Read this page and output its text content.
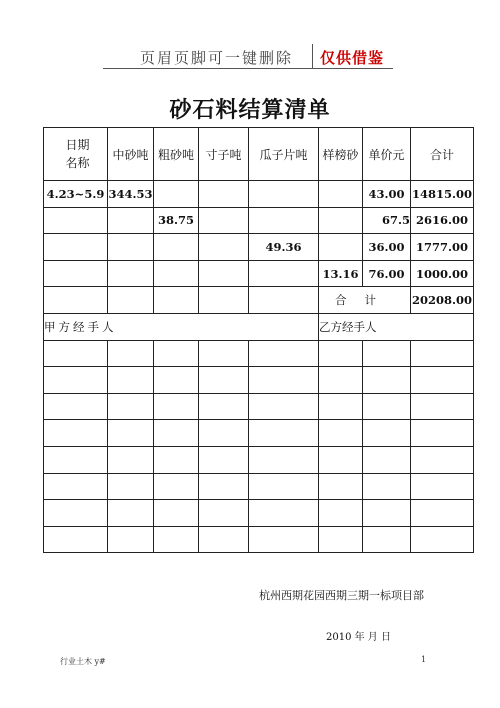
页眉页脚可一键删除 仅供借鉴
砂石料结算清单
日期
名称	中砂吨	粗砂吨	寸子吨	瓜子片吨	样榜砂	单价元	合计
4.23~5.9	344.53					43.00	14815.00
		38.75				67.5	2616.00
				49.36		36.00	1777.00
					13.16	76.00	1000.00
					合计		20208.00
甲方经手人					乙方经手人		

杭州西期花园西期三期一标项目部
2010 年 月 日
行业土木 y#	1
